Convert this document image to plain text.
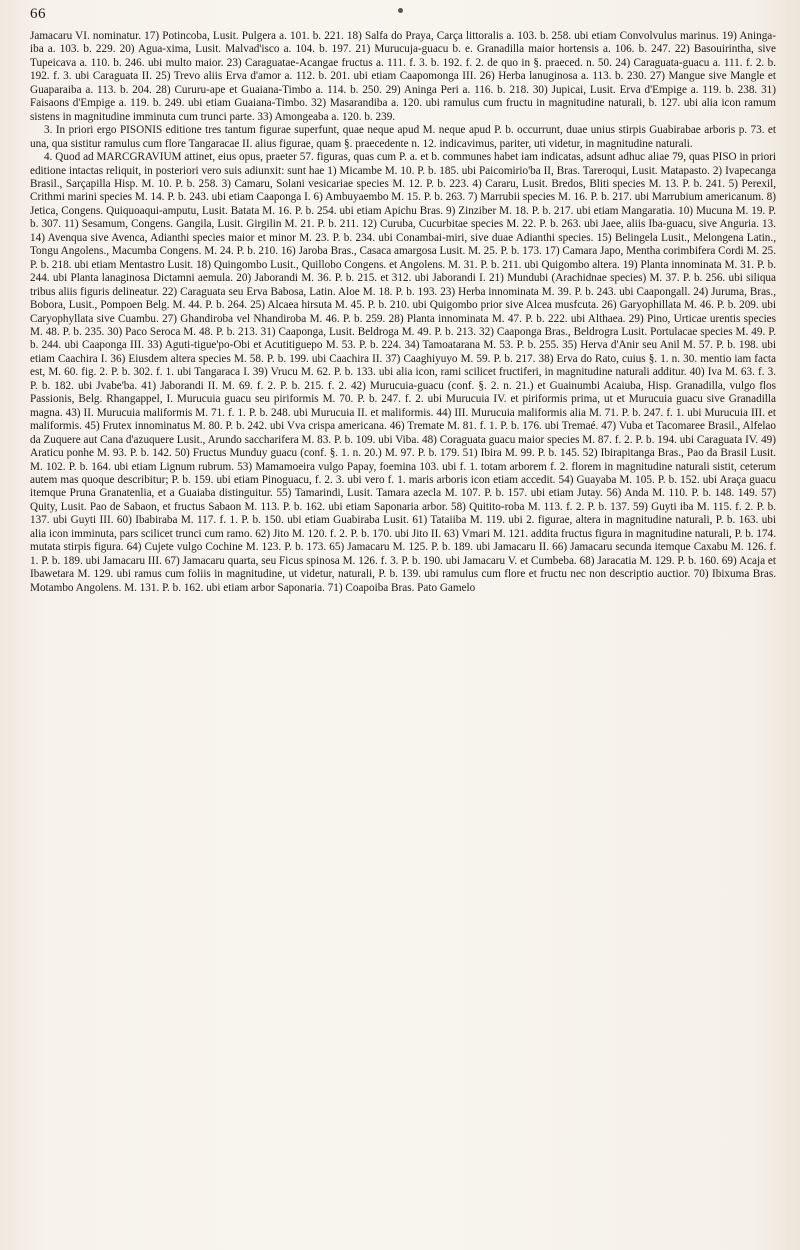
66

Jamacaru VI. nominatur. 17) Potincoba, Lusit. Pulgera a. 101. b. 221. 18) Salfa do Praya, Carça littoralis a. 103. b. 258. ubi etiam Convolvulus marinus. 19) Aninga-iba a. 103. b. 229. 20) Agua-xima, Lusit. Malvad'isco a. 104. b. 197. 21) Murucuja-guacu b. e. Granadilla maior hortensis a. 106. b. 247. 22) Basouirintha, sive Tupeicava a. 110. b. 246. ubi multo maior. 23) Caraguatae-Acangae fructus a. 111. f. 3. b. 192. f. 2. de quo in §. praeced. n. 50. 24) Caraguata-guacu a. 111. f. 2. b. 192. f. 3. ubi Caraguata II. 25) Trevo aliis Erva d'amor a. 112. b. 201. ubi etiam Caapomonga III. 26) Herba lanuginosa a. 113. b. 230. 27) Mangue sive Mangle et Guaparaiba a. 113. b. 204. 28) Cururu-ape et Guaiana-Timbo a. 114. b. 250. 29) Aninga Peri a. 116. b. 218. 30) Jupicai, Lusit. Erva d'Empige a. 119. b. 238. 31) Faisaons d'Empige a. 119. b. 249. ubi etiam Guaiana-Timbo. 32) Masarandiba a. 120. ubi ramulus cum fructu in magnitudine naturali, b. 127. ubi alia icon ramum sistens in magnitudine imminuta cum trunci parte. 33) Amongeaba a. 120. b. 239.

3. In priori ergo PISONIS editione tres tantum figurae superfunt, quae neque apud M. neque apud P. b. occurrunt, duae unius stirpis Guabirabae arboris p. 73. et una, qua sistitur ramulus cum flore Tangaracae II. alius figurae, quam §. praecedente n. 12. indicavimus, pariter, uti videtur, in magnitudine naturali.

4. Quod ad MARCGRAVIUM attinet, eius opus, praeter 57. figuras, quas cum P. a. et b. communes habet iam indicatas, adsunt adhuc aliae 79, quas PISO in priori editione intactas reliquit, in posteriori vero suis adiunxit: sunt hae 1) Micambe M. 10. P. b. 185. ubi Paicomirio'ba II, Bras. Tareroqui, Lusit. Matapasto. 2) Ivapecanga Brasil., Sarçapilla Hisp. M. 10. P. b. 258. 3) Camaru, Solani vesicariae species M. 12. P. b. 223. 4) Cararu, Lusit. Bredos, Bliti species M. 13. P. b. 241. 5) Perexil, Crithmi marini species M. 14. P. b. 243. ubi etiam Caaponga I. 6) Ambuyaembo M. 15. P. b. 263. 7) Marrubii species M. 16. P. b. 217. ubi Marrubium americanum. 8) Jetica, Congens. Quiquoaqui-amputu, Lusit. Batata M. 16. P. b. 254. ubi etiam Apichu Bras. 9) Zinziber M. 18. P. b. 217. ubi etiam Mangaratia. 10) Mucuna M. 19. P. b. 307. 11) Sesamum, Congens. Gangila, Lusit. Girgilin M. 21. P. b. 211. 12) Curuba, Cucurbitae species M. 22. P. b. 263. ubi Jaee, aliis Iba-guacu, sive Anguria. 13. 14) Avenqua sive Avenca, Adianthi species maior et minor M. 23. P. b. 234. ubi Conambai-miri, sive duae Adianthi species. 15) Belingela Lusit., Melongena Latin., Tongu Angolens., Macumba Congens. M. 24. P. b. 210. 16) Jaroba Bras., Casaca amargosa Lusit. M. 25. P. b. 173. 17) Camara Japo, Mentha corimbifera Cordi M. 25. P. b. 218. ubi etiam Mentastro Lusit. 18) Quingombo Lusit., Quillobo Congens. et Angolens. M. 31. P. b. 211. ubi Quigombo altera. 19) Planta innominata M. 31. P. b. 244. ubi Planta lanaginosa Dictamni aemula. 20) Jaborandi M. 36. P. b. 215. et 312. ubi Jaborandi I. 21) Mundubi (Arachidnae species) M. 37. P. b. 256. ubi siliqua tribus aliis figuris delineatur. 22) Caraguata seu Erva Babosa, Latin. Aloe M. 18. P. b. 193. 23) Herba innominata M. 39. P. b. 243. ubi Caapongall. 24) Juruma, Bras., Bobora, Lusit., Pompoen Belg. M. 44. P. b. 264. 25) Alcaea hirsuta M. 45. P. b. 210. ubi Quigombo prior sive Alcea musfcuta. 26) Garyophillata M. 46. P. b. 209. ubi Caryophyllata sive Cuambu. 27) Ghandiroba vel Nhandiroba M. 46. P. b. 259. 28) Planta innominata M. 47. P. b. 222. ubi Althaea. 29) Pino, Urticae urentis species M. 48. P. b. 235. 30) Paco Seroca M. 48. P. b. 213. 31) Caaponga, Lusit. Beldroga M. 49. P. b. 213. 32) Caaponga Bras., Beldrogra Lusit. Portulacae species M. 49. P. b. 244. ubi Caaponga III. 33) Aguti-tigue'po-Obi et Acutitiguepo M. 53. P. b. 224. 34) Tamoatarana M. 53. P. b. 255. 35) Herva d'Anir seu Anil M. 57. P. b. 198. ubi etiam Caachira I. 36) Eiusdem altera species M. 58. P. b. 199. ubi Caachira II. 37) Caaghiyuyo M. 59. P. b. 217. 38) Erva do Rato, cuius §. 1. n. 30. mentio iam facta est, M. 60. fig. 2. P. b. 302. f. 1. ubi Tangaraca I. 39) Vrucu M. 62. P. b. 133. ubi alia icon, rami scilicet fructiferi, in magnitudine naturali additur. 40) Iva M. 63. f. 3. P. b. 182. ubi Jvabe'ba. 41) Jaborandi II. M. 69. f. 2. P. b. 215. f. 2. 42) Murucuia-guacu (conf. §. 2. n. 21.) et Guainumbi Acaiuba, Hisp. Granadilla, vulgo flos Passionis, Belg. Rhangappel, I. Murucuia guacu seu piriformis M. 70. P. b. 247. f. 2. ubi Murucuia IV. et piriformis prima, ut et Murucuia guacu sive Granadilla magna. 43) II. Murucuia maliformis M. 71. f. 1. P. b. 248. ubi Murucuia II. et maliformis. 44) III. Murucuia maliformis alia M. 71. P. b. 247. f. 1. ubi Murucuia III. et maliformis. 45) Frutex innominatus M. 80. P. b. 242. ubi Vva crispa americana. 46) Tremate M. 81. f. 1. P. b. 176. ubi Tremaé. 47) Vuba et Tacomaree Brasil., Alfelao da Zuquere aut Cana d'azuquere Lusit., Arundo saccharifera M. 83. P. b. 109. ubi Viba. 48) Coraguata guacu maior species M. 87. f. 2. P. b. 194. ubi Caraguata IV. 49) Araticu ponhe M. 93. P. b. 142. 50) Fructus Munduy guacu (conf. §. 1. n. 20.) M. 97. P. b. 179. 51) Ibira M. 99. P. b. 145. 52) Ibirapitanga Bras., Pao da Brasil Lusit. M. 102. P. b. 164. ubi etiam Lignum rubrum. 53) Mamamoeira vulgo Papay, foemina 103. ubi f. 1. totam arborem f. 2. florem in magnitudine naturali sistit, ceterum autem mas quoque describitur; P. b. 159. ubi etiam Pinoguacu, f. 2. 3. ubi vero f. 1. maris arboris icon etiam accedit. 54) Guayaba M. 105. P. b. 152. ubi Araça guacu itemque Pruna Granatenlia, et a Guaiaba distinguitur. 55) Tamarindi, Lusit. Tamara azecla M. 107. P. b. 157. ubi etiam Jutay. 56) Anda M. 110. P. b. 148. 149. 57) Quity, Lusit. Pao de Sabaon, et fructus Sabaon M. 113. P. b. 162. ubi etiam Saponaria arbor. 58) Quitito-roba M. 113. f. 2. P. b. 137. 59) Guyti iba M. 115. f. 2. P. b. 137. ubi Guyti III. 60) Ibabiraba M. 117. f. 1. P. b. 150. ubi etiam Guabiraba Lusit. 61) Tataiiba M. 119. ubi 2. figurae, altera in magnitudine naturali, P. b. 163. ubi alia icon imminuta, pars scilicet trunci cum ramo. 62) Jito M. 120. f. 2. P. b. 170. ubi Jito II. 63) Vmari M. 121. addita fructus figura in magnitudine naturali, P. b. 174. mutata stirpis figura. 64) Cujete vulgo Cochine M. 123. P. b. 173. 65) Jamacaru M. 125. P. b. 189. ubi Jamacaru II. 66) Jamacaru secunda itemque Caxabu M. 126. f. 1. P. b. 189. ubi Jamacaru III. 67) Jamacaru quarta, seu Ficus spinosa M. 126. f. 3. P. b. 190. ubi Jamacaru V. et Cumbeba. 68) Jaracatia M. 129. P. b. 160. 69) Acaja et Ibawetara M. 129. ubi ramus cum foliis in magnitudine, ut videtur, naturali, P. b. 139. ubi ramulus cum flore et fructu nec non descriptio auctior. 70) Ibixuma Bras. Motambo Angolens. M. 131. P. b. 162. ubi etiam arbor Saponaria. 71) Coapoiba Bras. Pato Gamelo
